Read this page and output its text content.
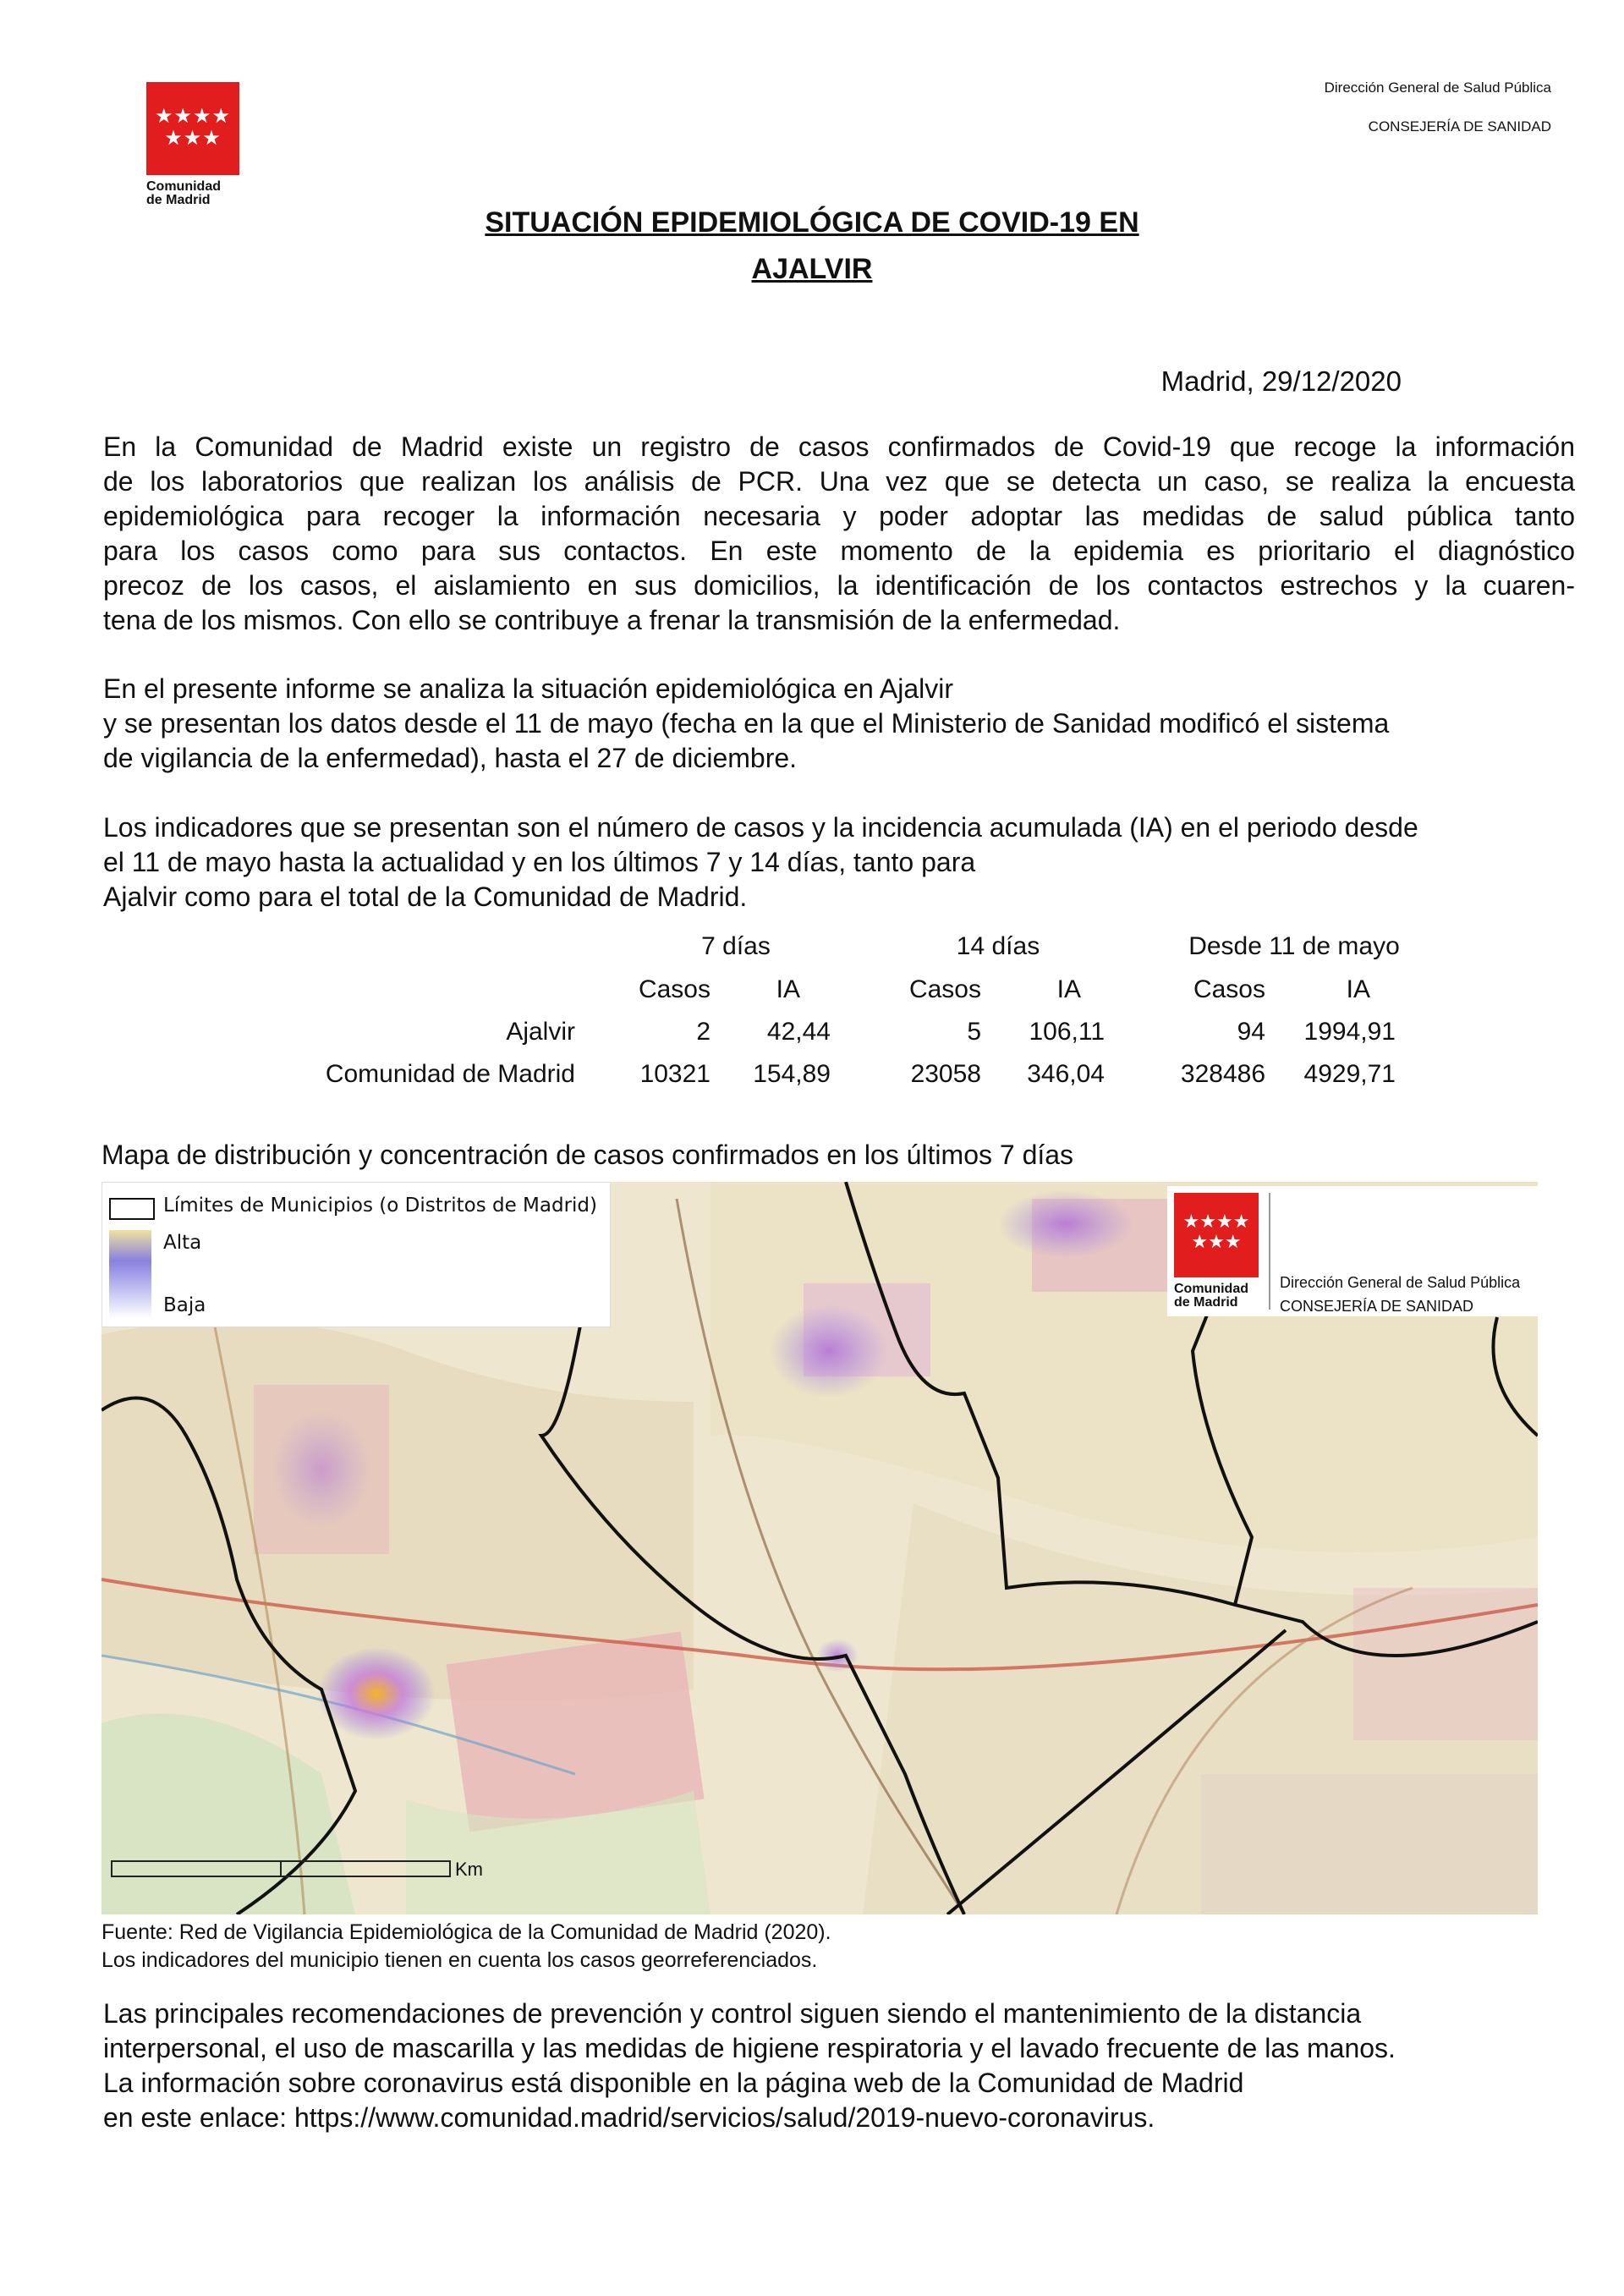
★★★★ ★★★
Comunidad
de Madrid
Dirección General de Salud Pública
CONSEJERÍA DE SANIDAD
SITUACIÓN EPIDEMIOLÓGICA DE COVID-19 EN
AJALVIR
Madrid, 29/12/2020
En la Comunidad de Madrid existe un registro de casos confirmados de Covid-19 que recoge la información
de los laboratorios que realizan los análisis de PCR. Una vez que se detecta un caso, se realiza la encuesta
epidemiológica para recoger la información necesaria y poder adoptar las medidas de salud pública tanto
para los casos como para sus contactos. En este momento de la epidemia es prioritario el diagnóstico
precoz de los casos, el aislamiento en sus domicilios, la identificación de los contactos estrechos y la cuaren-
tena de los mismos. Con ello se contribuye a frenar la transmisión de la enfermedad.
En el presente informe se analiza la situación epidemiológica en Ajalvir
y se presentan los datos desde el 11 de mayo (fecha en la que el Ministerio de Sanidad modificó el sistema
de vigilancia de la enfermedad), hasta el 27 de diciembre.
Los indicadores que se presentan son el número de casos y la incidencia acumulada (IA) en el periodo desde
el 11 de mayo hasta la actualidad y en los últimos 7 y 14 días, tanto para
Ajalvir como para el total de la Comunidad de Madrid.
7 días	14 días	Desde 11 de mayo
Casos	IA	Casos	IA	Casos	IA
Ajalvir	2	42,44	5	106,11	94	1994,91
Comunidad de Madrid	10321	154,89	23058	346,04	328486	4929,71
Mapa de distribución y concentración de casos confirmados en los últimos 7 días
Km
Límites de Municipios (o Distritos de Madrid)
Alta
Baja
★★★★ ★★★
Comunidad
de Madrid
Dirección General de Salud Pública
CONSEJERÍA DE SANIDAD
Fuente: Red de Vigilancia Epidemiológica de la Comunidad de Madrid (2020).
Los indicadores del municipio tienen en cuenta los casos georreferenciados.
Las principales recomendaciones de prevención y control siguen siendo el mantenimiento de la distancia
interpersonal, el uso de mascarilla y las medidas de higiene respiratoria y el lavado frecuente de las manos.
La información sobre coronavirus está disponible en la página web de la Comunidad de Madrid
en este enlace: https://www.comunidad.madrid/servicios/salud/2019-nuevo-coronavirus.
